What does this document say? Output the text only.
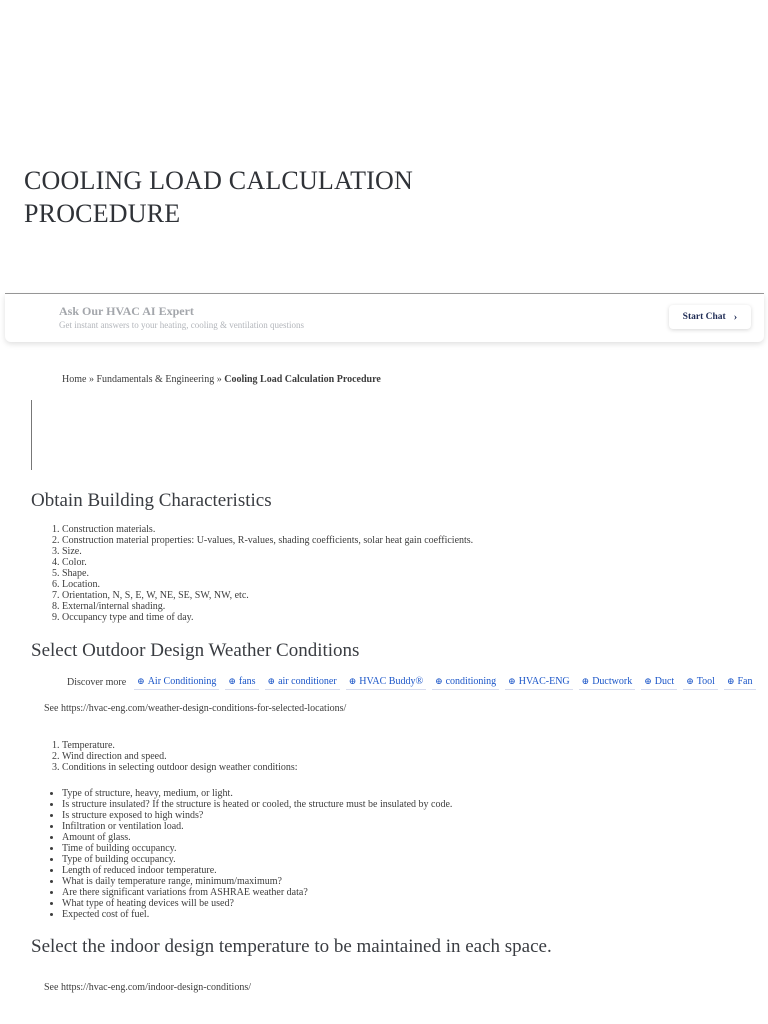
COOLING LOAD CALCULATION PROCEDURE
Ask Our HVAC AI Expert
Get instant answers to your heating, cooling & ventilation questions
Start Chat ›
Home » Fundamentals & Engineering » Cooling Load Calculation Procedure
Obtain Building Characteristics
1. Construction materials.
2. Construction material properties: U-values, R-values, shading coefficients, solar heat gain coefficients.
3. Size.
4. Color.
5. Shape.
6. Location.
7. Orientation, N, S, E, W, NE, SE, SW, NW, etc.
8. External/internal shading.
9. Occupancy type and time of day.
Select Outdoor Design Weather Conditions
Discover more ⊕ Air Conditioning ⊕ fans ⊕ air conditioner ⊕ HVAC Buddy® ⊕ conditioning ⊕ HVAC-ENG ⊕ Ductwork ⊕ Duct ⊕ Tool ⊕ Fan
See https://hvac-eng.com/weather-design-conditions-for-selected-locations/
1. Temperature.
2. Wind direction and speed.
3. Conditions in selecting outdoor design weather conditions:
• Type of structure, heavy, medium, or light.
• Is structure insulated? If the structure is heated or cooled, the structure must be insulated by code.
• Is structure exposed to high winds?
• Infiltration or ventilation load.
• Amount of glass.
• Time of building occupancy.
• Type of building occupancy.
• Length of reduced indoor temperature.
• What is daily temperature range, minimum/maximum?
• Are there significant variations from ASHRAE weather data?
• What type of heating devices will be used?
• Expected cost of fuel.
Select the indoor design temperature to be maintained in each space.
See https://hvac-eng.com/indoor-design-conditions/
